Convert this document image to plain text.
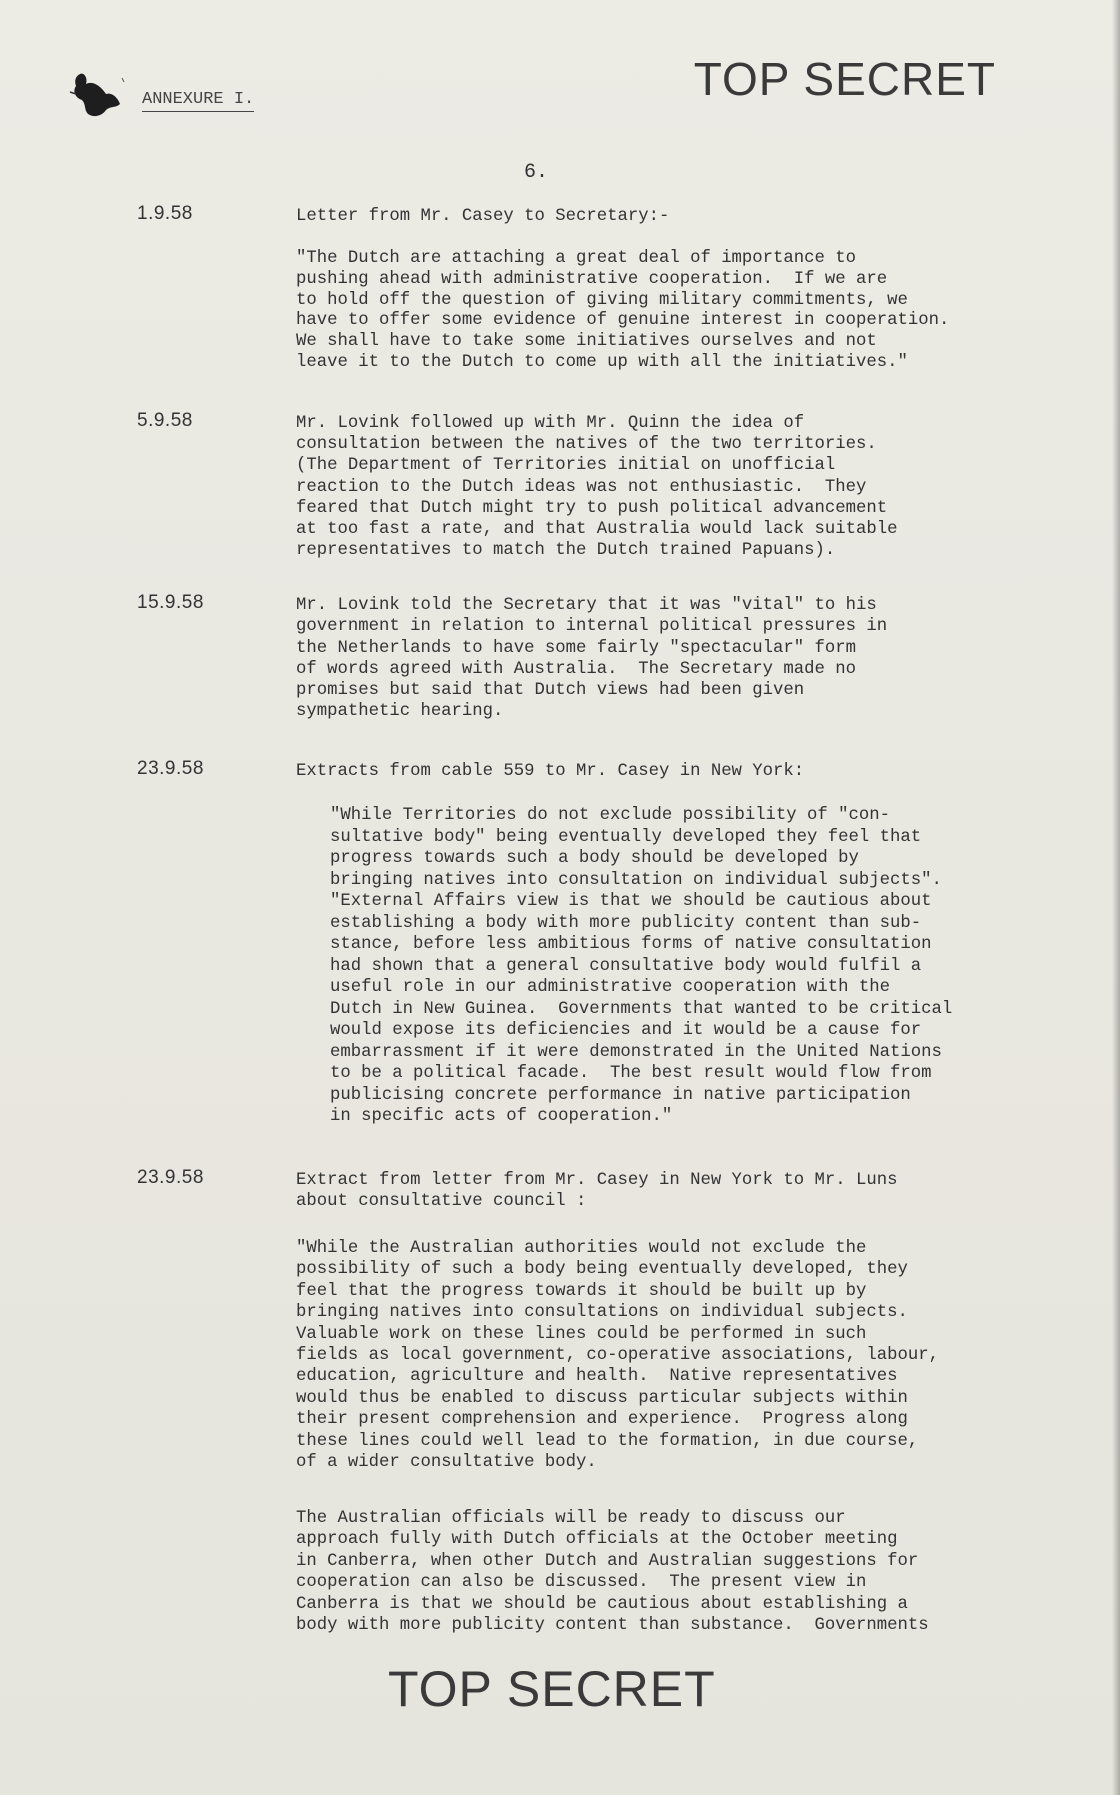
ANNEXURE I.	TOP SECRET
6.
1.9.58	Letter from Mr. Casey to Secretary:-
"The Dutch are attaching a great deal of importance to
pushing ahead with administrative cooperation.  If we are
to hold off the question of giving military commitments, we
have to offer some evidence of genuine interest in cooperation.
We shall have to take some initiatives ourselves and not
leave it to the Dutch to come up with all the initiatives."
5.9.58	Mr. Lovink followed up with Mr. Quinn the idea of
consultation between the natives of the two territories.
(The Department of Territories initial on unofficial
reaction to the Dutch ideas was not enthusiastic.  They
feared that Dutch might try to push political advancement
at too fast a rate, and that Australia would lack suitable
representatives to match the Dutch trained Papuans).
15.9.58	Mr. Lovink told the Secretary that it was "vital" to his
government in relation to internal political pressures in
the Netherlands to have some fairly "spectacular" form
of words agreed with Australia.  The Secretary made no
promises but said that Dutch views had been given
sympathetic hearing.
23.9.58	Extracts from cable 559 to Mr. Casey in New York:
"While Territories do not exclude possibility of "con-
sultative body" being eventually developed they feel that
progress towards such a body should be developed by
bringing natives into consultation on individual subjects".
"External Affairs view is that we should be cautious about
establishing a body with more publicity content than sub-
stance, before less ambitious forms of native consultation
had shown that a general consultative body would fulfil a
useful role in our administrative cooperation with the
Dutch in New Guinea.  Governments that wanted to be critical
would expose its deficiencies and it would be a cause for
embarrassment if it were demonstrated in the United Nations
to be a political facade.  The best result would flow from
publicising concrete performance in native participation
in specific acts of cooperation."
23.9.58	Extract from letter from Mr. Casey in New York to Mr. Luns
about consultative council :
"While the Australian authorities would not exclude the
possibility of such a body being eventually developed, they
feel that the progress towards it should be built up by
bringing natives into consultations on individual subjects.
Valuable work on these lines could be performed in such
fields as local government, co-operative associations, labour,
education, agriculture and health.  Native representatives
would thus be enabled to discuss particular subjects within
their present comprehension and experience.  Progress along
these lines could well lead to the formation, in due course,
of a wider consultative body.
The Australian officials will be ready to discuss our
approach fully with Dutch officials at the October meeting
in Canberra, when other Dutch and Australian suggestions for
cooperation can also be discussed.  The present view in
Canberra is that we should be cautious about establishing a
body with more publicity content than substance.  Governments
TOP SECRET
